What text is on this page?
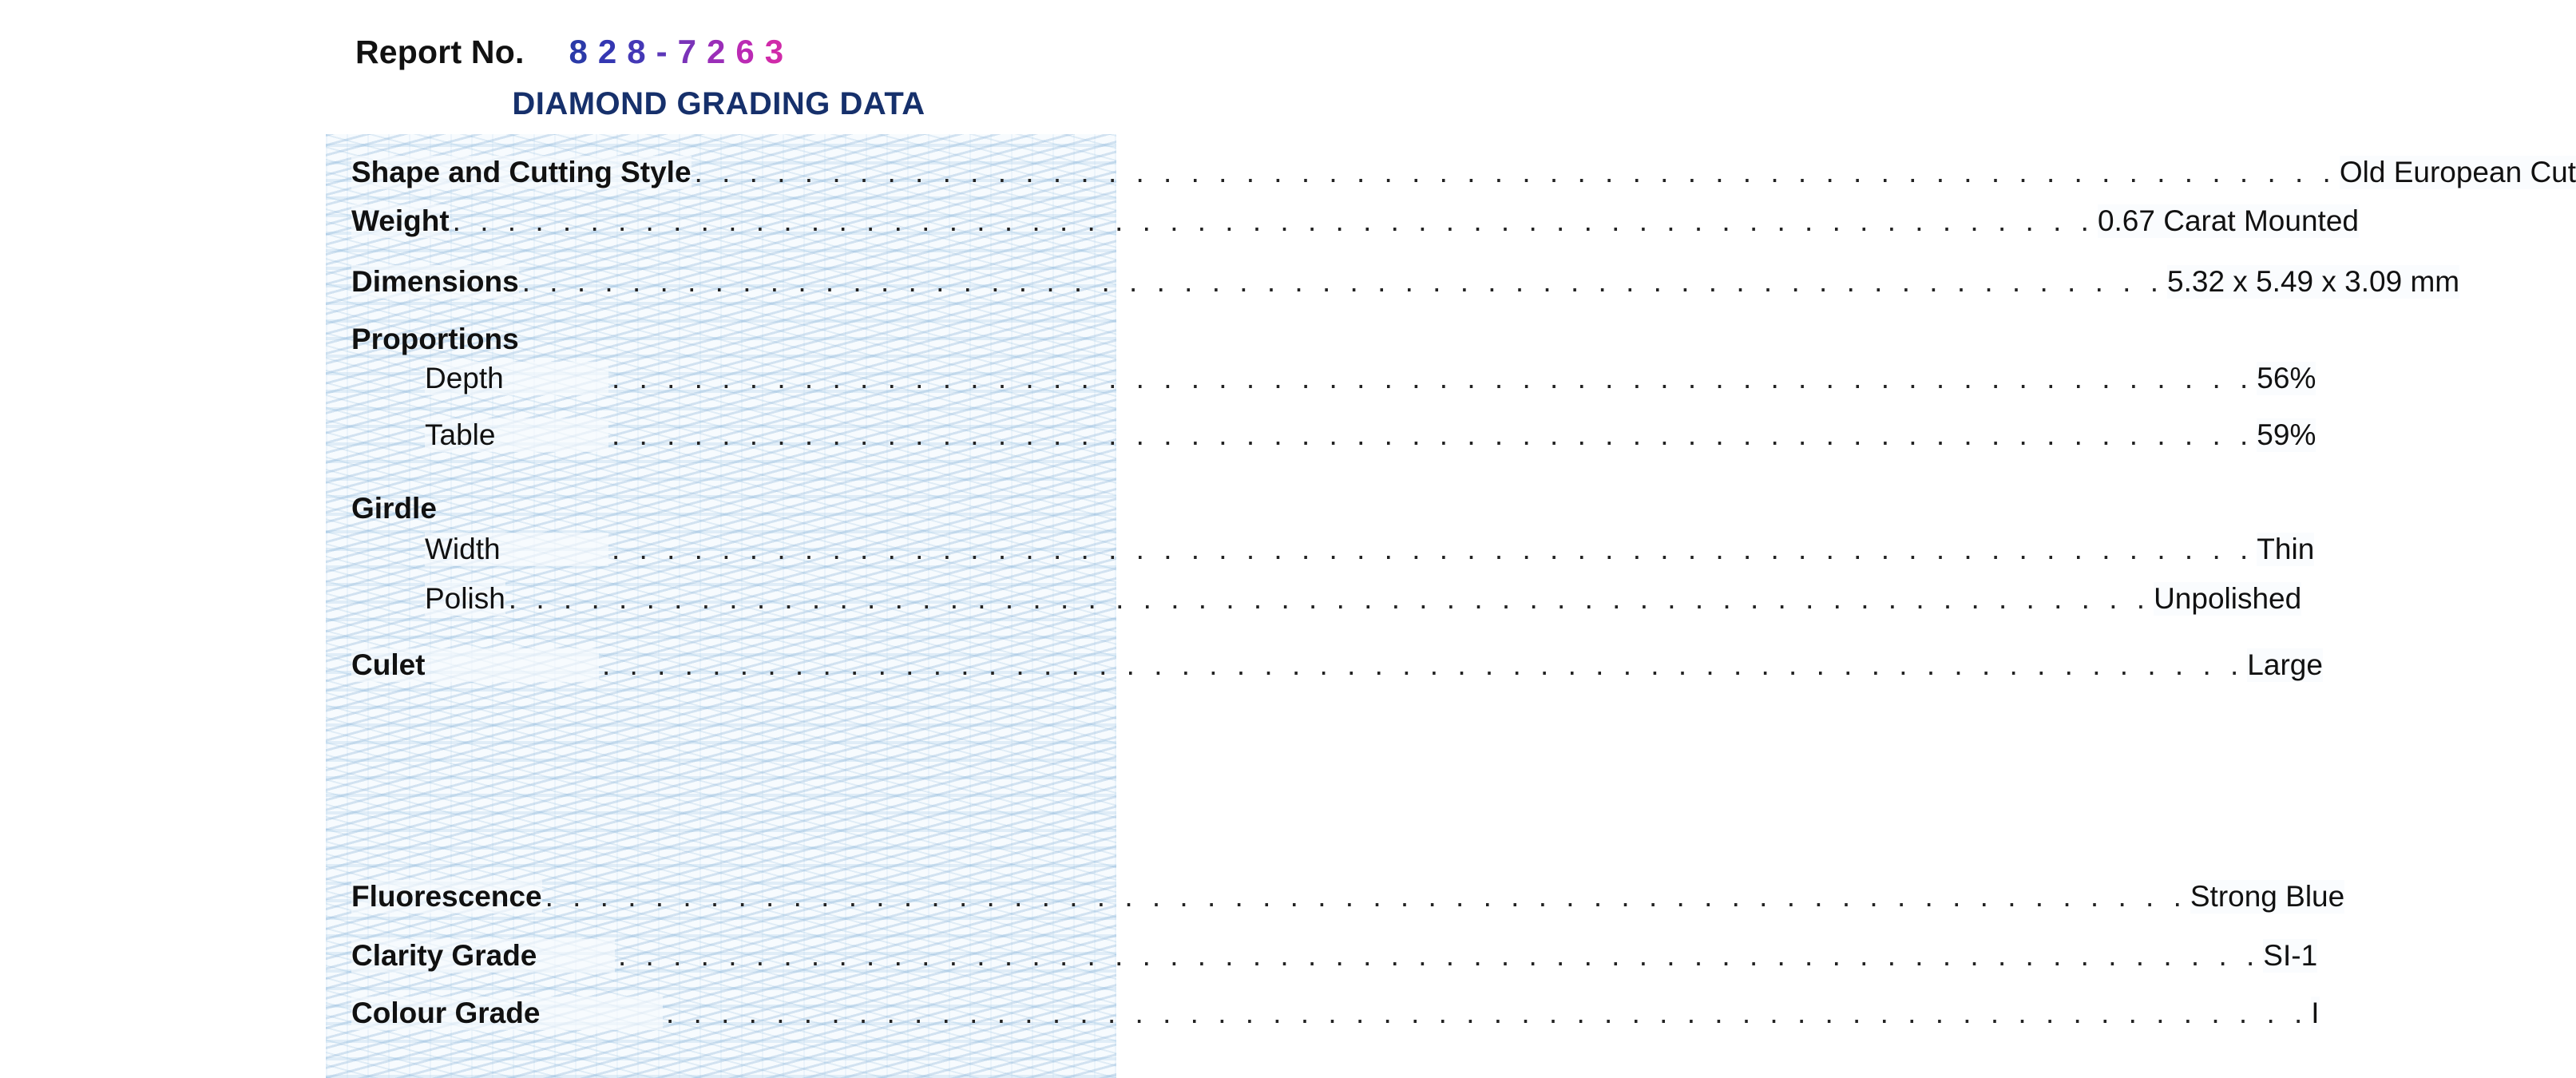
Report No. 828-7263
DIAMOND GRADING DATA
Shape and Cutting Style . . . . . . . . . . . . . . . . . . . . . . . . . . . . . . . . . . . . . . . . . . . . . . . . . . . . . . . . . . . . Old European Cut
Weight . . . . . . . . . . . . . . . . . . . . . . . . . . . . . . . . . . . . . . . . . . . . . . . . . . . . . . . . . . . . 0.67 Carat Mounted
Dimensions . . . . . . . . . . . . . . . . . . . . . . . . . . . . . . . . . . . . . . . . . . . . . . . . . . . . . . . . . . . . 5.32 x 5.49 x 3.09 mm
Proportions
Depth	. . . . . . . . . . . . . . . . . . . . . . . . . . . . . . . . . . . . . . . . . . . . . . . . . . . . . . . . . . . . 56%
Table	. . . . . . . . . . . . . . . . . . . . . . . . . . . . . . . . . . . . . . . . . . . . . . . . . . . . . . . . . . . . 59%
Girdle
Width	. . . . . . . . . . . . . . . . . . . . . . . . . . . . . . . . . . . . . . . . . . . . . . . . . . . . . . . . . . . . Thin
Polish . . . . . . . . . . . . . . . . . . . . . . . . . . . . . . . . . . . . . . . . . . . . . . . . . . . . . . . . . . . . Unpolished
Culet	. . . . . . . . . . . . . . . . . . . . . . . . . . . . . . . . . . . . . . . . . . . . . . . . . . . . . . . . . . . . Large
Fluorescence . . . . . . . . . . . . . . . . . . . . . . . . . . . . . . . . . . . . . . . . . . . . . . . . . . . . . . . . . . . . Strong Blue
Clarity Grade	. . . . . . . . . . . . . . . . . . . . . . . . . . . . . . . . . . . . . . . . . . . . . . . . . . . . . . . . . . . . SI-1
Colour Grade	. . . . . . . . . . . . . . . . . . . . . . . . . . . . . . . . . . . . . . . . . . . . . . . . . . . . . . . . . . . . I
